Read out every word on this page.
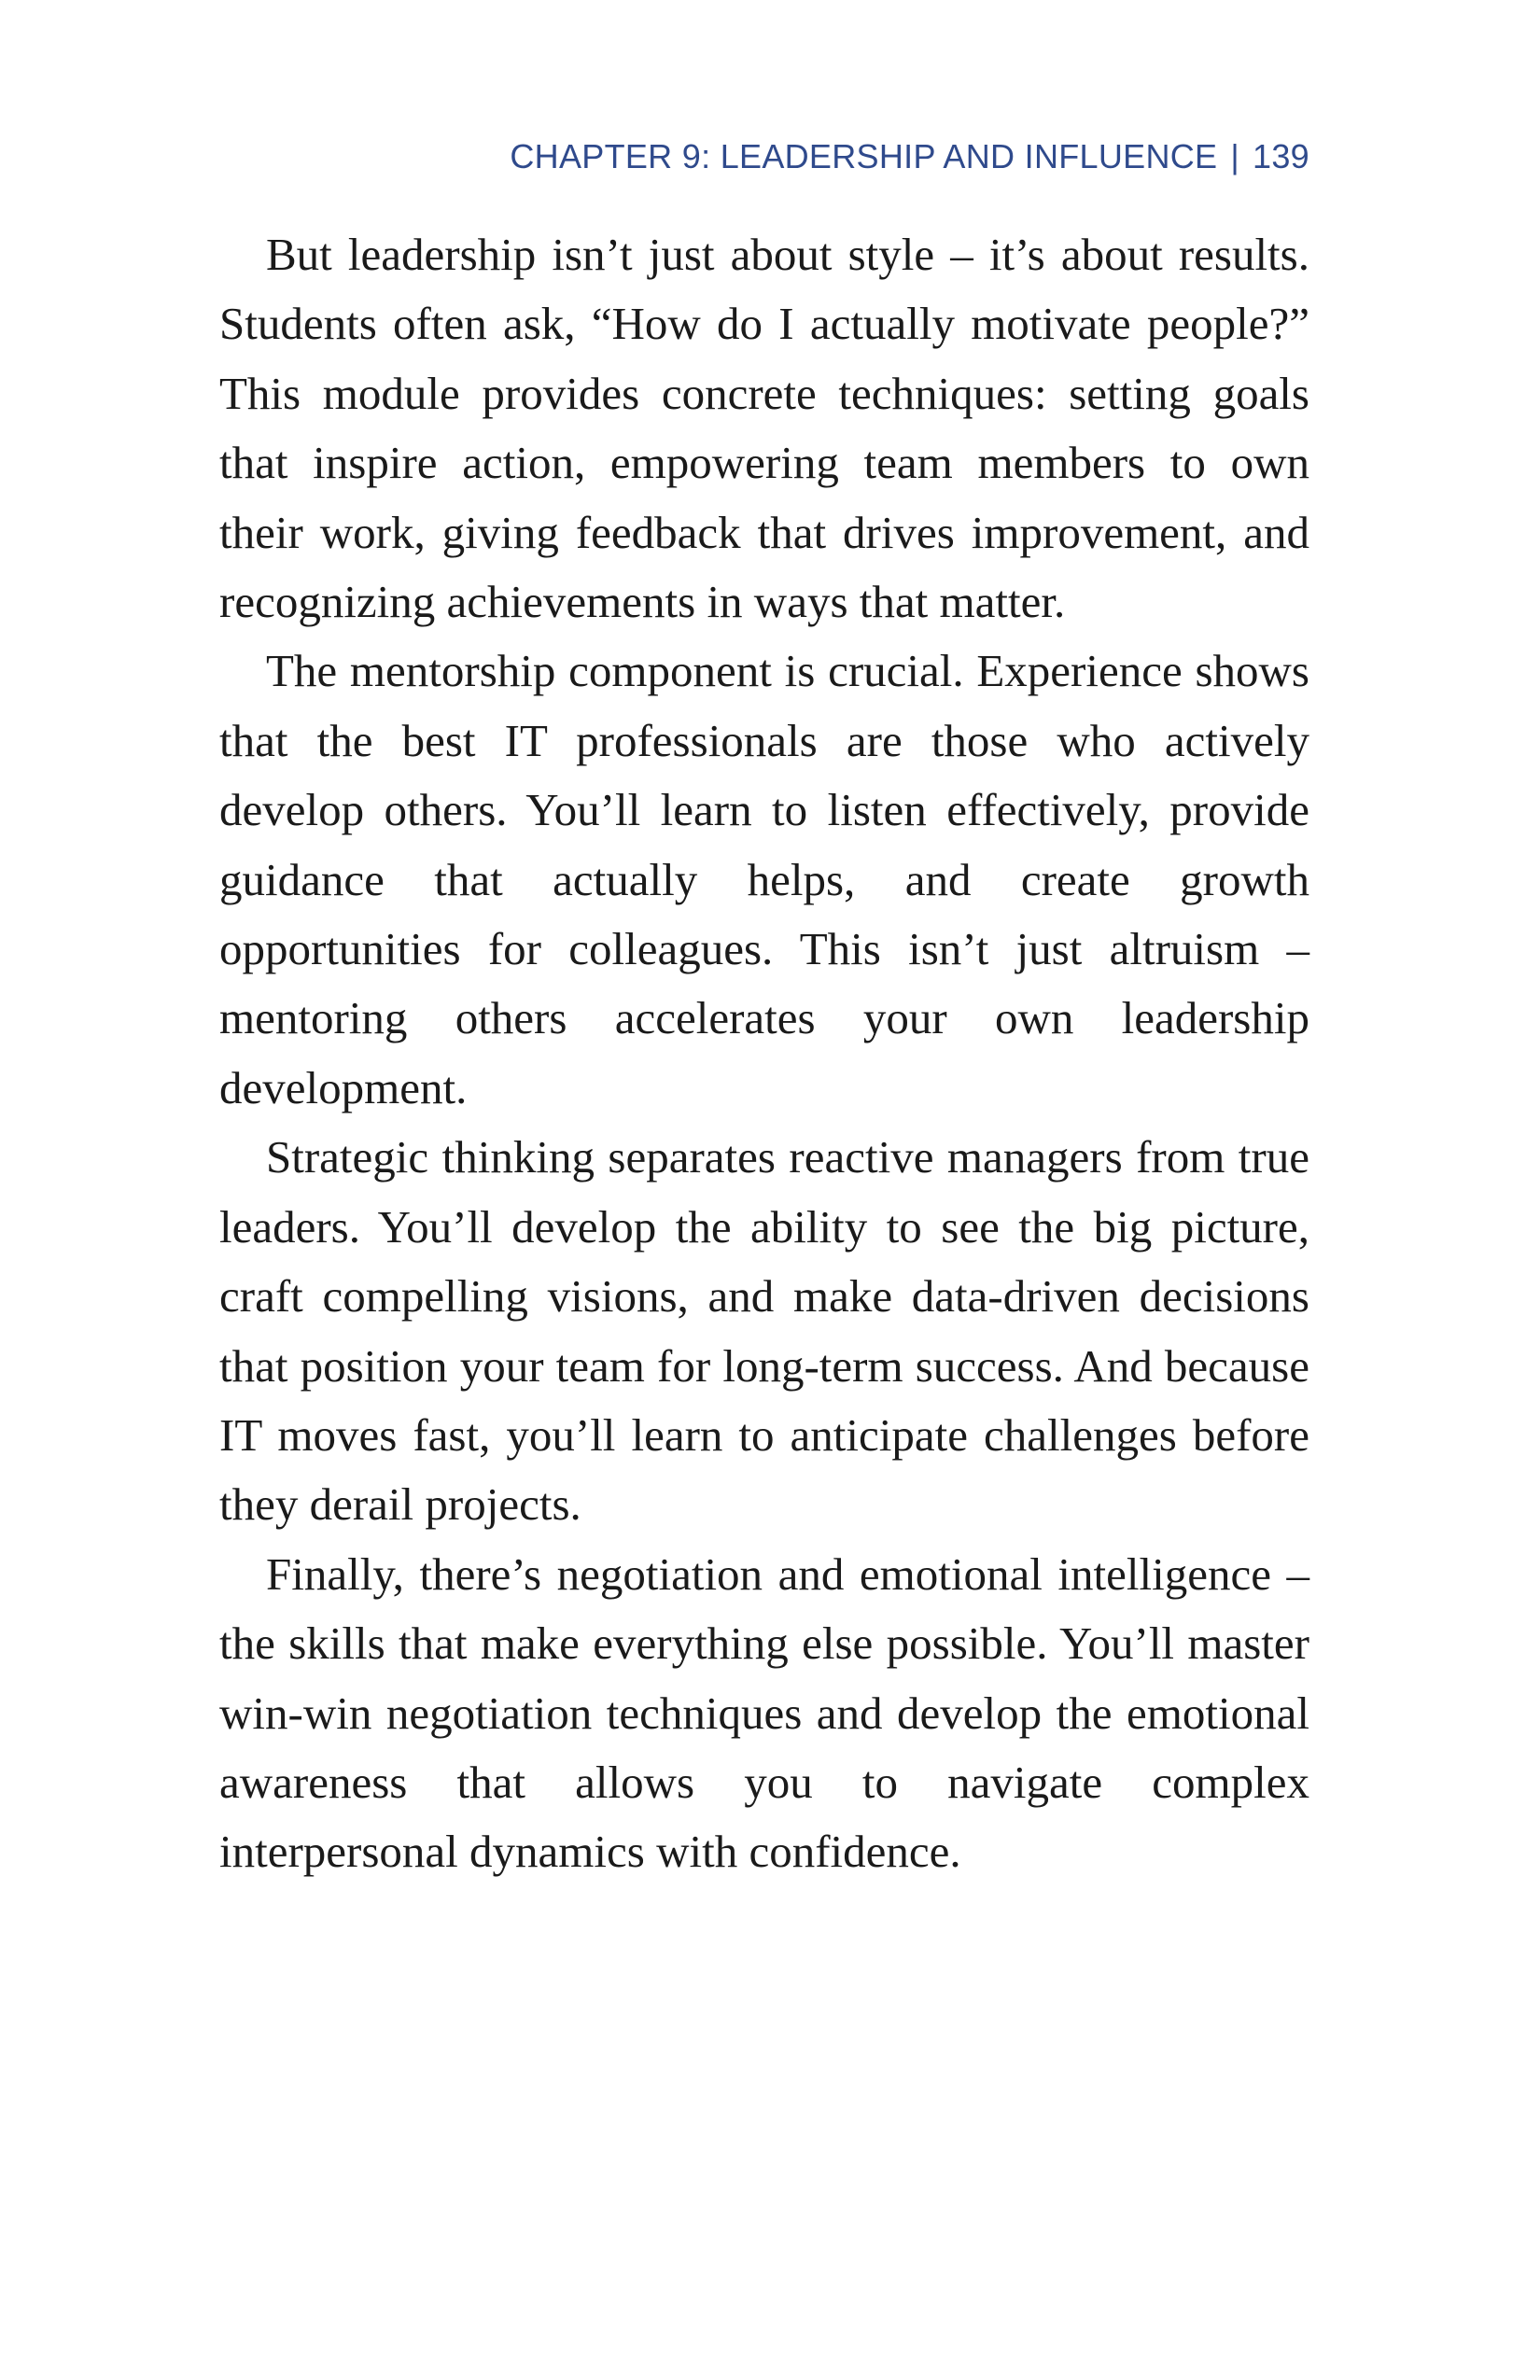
CHAPTER 9: LEADERSHIP AND INFLUENCE | 139

But leadership isn’t just about style – it’s about results. Students often ask, “How do I actually motivate people?” This module provides concrete techniques: setting goals that inspire action, empowering team members to own their work, giving feedback that drives improvement, and recognizing achievements in ways that matter.

The mentorship component is crucial. Experience shows that the best IT professionals are those who actively develop others. You’ll learn to listen effectively, provide guidance that actually helps, and create growth opportunities for colleagues. This isn’t just altruism – mentoring others accelerates your own leadership development.

Strategic thinking separates reactive managers from true leaders. You’ll develop the ability to see the big picture, craft compelling visions, and make data-driven decisions that position your team for long-term success. And because IT moves fast, you’ll learn to anticipate challenges before they derail projects.

Finally, there’s negotiation and emotional intelligence – the skills that make everything else possible. You’ll master win-win negotiation techniques and develop the emotional awareness that allows you to navigate complex interpersonal dynamics with confidence.
